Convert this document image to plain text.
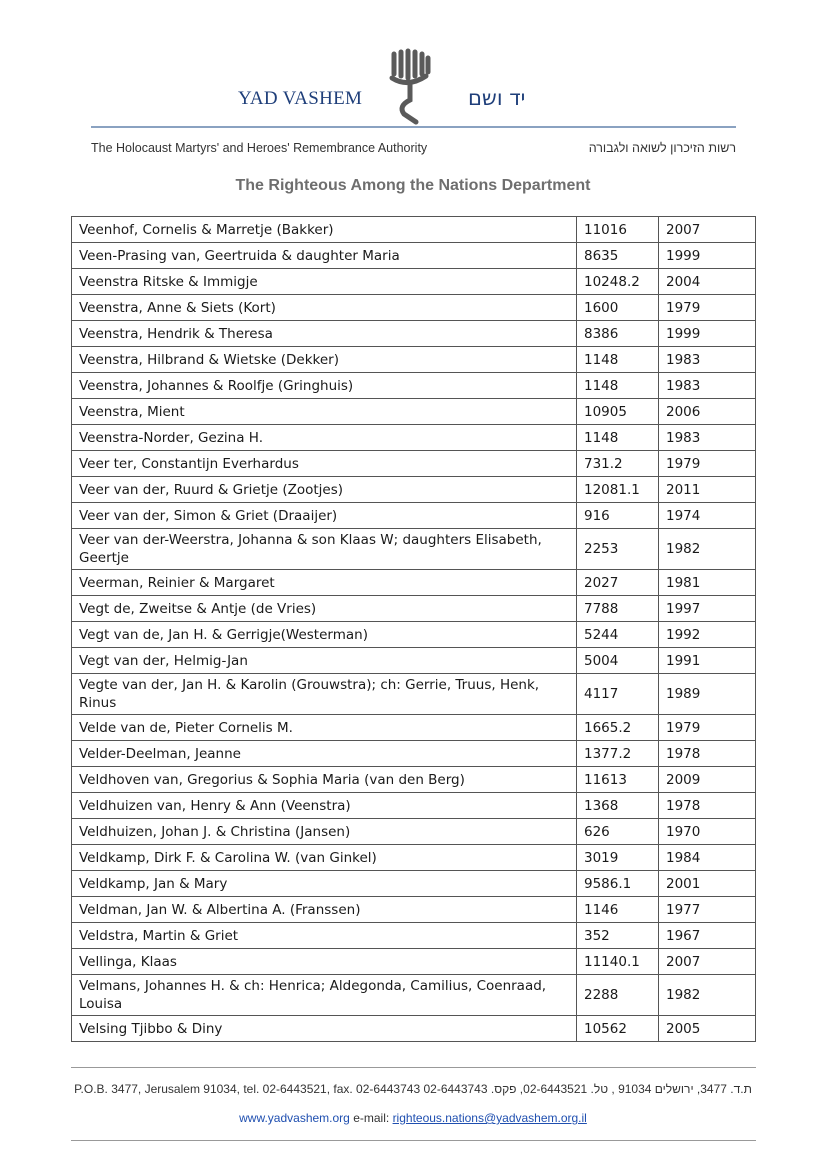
YAD VASHEM	יד ושם
The Holocaust Martyrs' and Heroes' Remembrance Authority	רשות הזיכרון לשואה ולגבורה
The Righteous Among the Nations Department
Veenhof, Cornelis & Marretje (Bakker)	11016	2007
Veen-Prasing van, Geertruida & daughter Maria	8635	1999
Veenstra Ritske & Immigje	10248.2	2004
Veenstra, Anne & Siets (Kort)	1600	1979
Veenstra, Hendrik & Theresa	8386	1999
Veenstra, Hilbrand & Wietske (Dekker)	1148	1983
Veenstra, Johannes & Roolfje (Gringhuis)	1148	1983
Veenstra, Mient	10905	2006
Veenstra-Norder, Gezina H.	1148	1983
Veer ter, Constantijn Everhardus	731.2	1979
Veer van der, Ruurd & Grietje (Zootjes)	12081.1	2011
Veer van der, Simon & Griet (Draaijer)	916	1974
Veer van der-Weerstra, Johanna & son Klaas W; daughters Elisabeth, Geertje	2253	1982
Veerman, Reinier & Margaret	2027	1981
Vegt de, Zweitse & Antje (de Vries)	7788	1997
Vegt van de, Jan H. & Gerrigje(Westerman)	5244	1992
Vegt van der, Helmig-Jan	5004	1991
Vegte van der, Jan H. & Karolin (Grouwstra); ch: Gerrie, Truus, Henk, Rinus	4117	1989
Velde van de, Pieter Cornelis M.	1665.2	1979
Velder-Deelman, Jeanne	1377.2	1978
Veldhoven van, Gregorius & Sophia Maria (van den Berg)	11613	2009
Veldhuizen van, Henry & Ann (Veenstra)	1368	1978
Veldhuizen, Johan J. & Christina (Jansen)	626	1970
Veldkamp, Dirk F. & Carolina W. (van Ginkel)	3019	1984
Veldkamp, Jan & Mary	9586.1	2001
Veldman, Jan W. & Albertina A. (Franssen)	1146	1977
Veldstra, Martin & Griet	352	1967
Vellinga, Klaas	11140.1	2007
Velmans, Johannes H. & ch: Henrica; Aldegonda, Camilius, Coenraad, Louisa	2288	1982
Velsing Tjibbo & Diny	10562	2005
P.O.B. 3477, Jerusalem 91034, tel. 02-6443521, fax. 02-6443743 ת.ד. 3477, ירושלים 91034 , טל. 02-6443521, פקס. 02-6443743
www.yadvashem.org e-mail: righteous.nations@yadvashem.org.il
